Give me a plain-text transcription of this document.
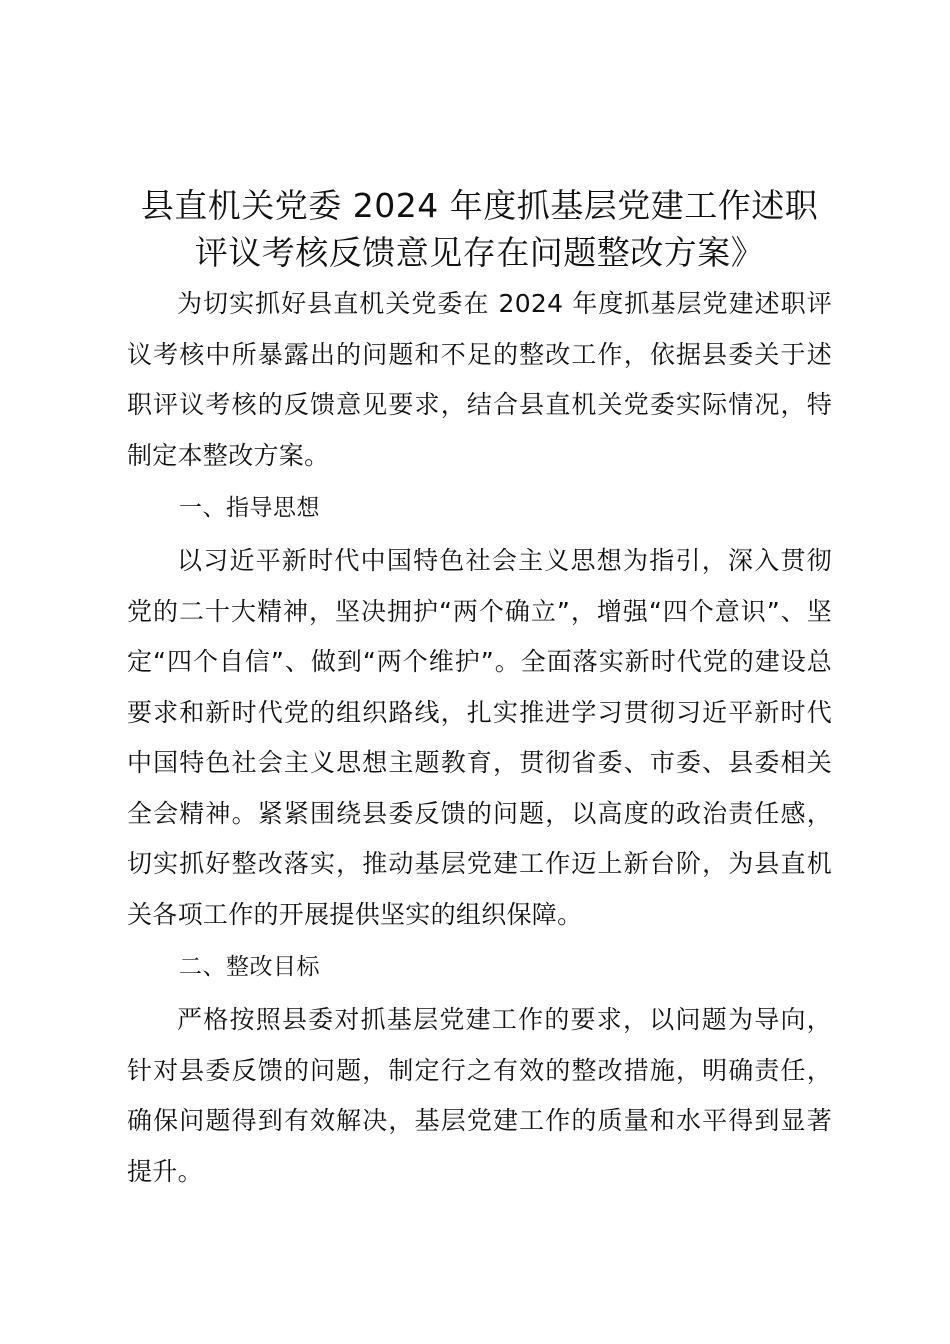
县直机关党委 2024 年度抓基层党建工作述职
评议考核反馈意见存在问题整改方案》

为切实抓好县直机关党委在 2024 年度抓基层党建述职评议考核中所暴露出的问题和不足的整改工作，依据县委关于述职评议考核的反馈意见要求，结合县直机关党委实际情况，特制定本整改方案。

一、指导思想

以习近平新时代中国特色社会主义思想为指引，深入贯彻党的二十大精神，坚决拥护“两个确立”，增强“四个意识”、坚定“四个自信”、做到“两个维护”。全面落实新时代党的建设总要求和新时代党的组织路线，扎实推进学习贯彻习近平新时代中国特色社会主义思想主题教育，贯彻省委、市委、县委相关全会精神。紧紧围绕县委反馈的问题，以高度的政治责任感，切实抓好整改落实，推动基层党建工作迈上新台阶，为县直机关各项工作的开展提供坚实的组织保障。

二、整改目标

严格按照县委对抓基层党建工作的要求，以问题为导向，针对县委反馈的问题，制定行之有效的整改措施，明确责任，确保问题得到有效解决，基层党建工作的质量和水平得到显著提升。
